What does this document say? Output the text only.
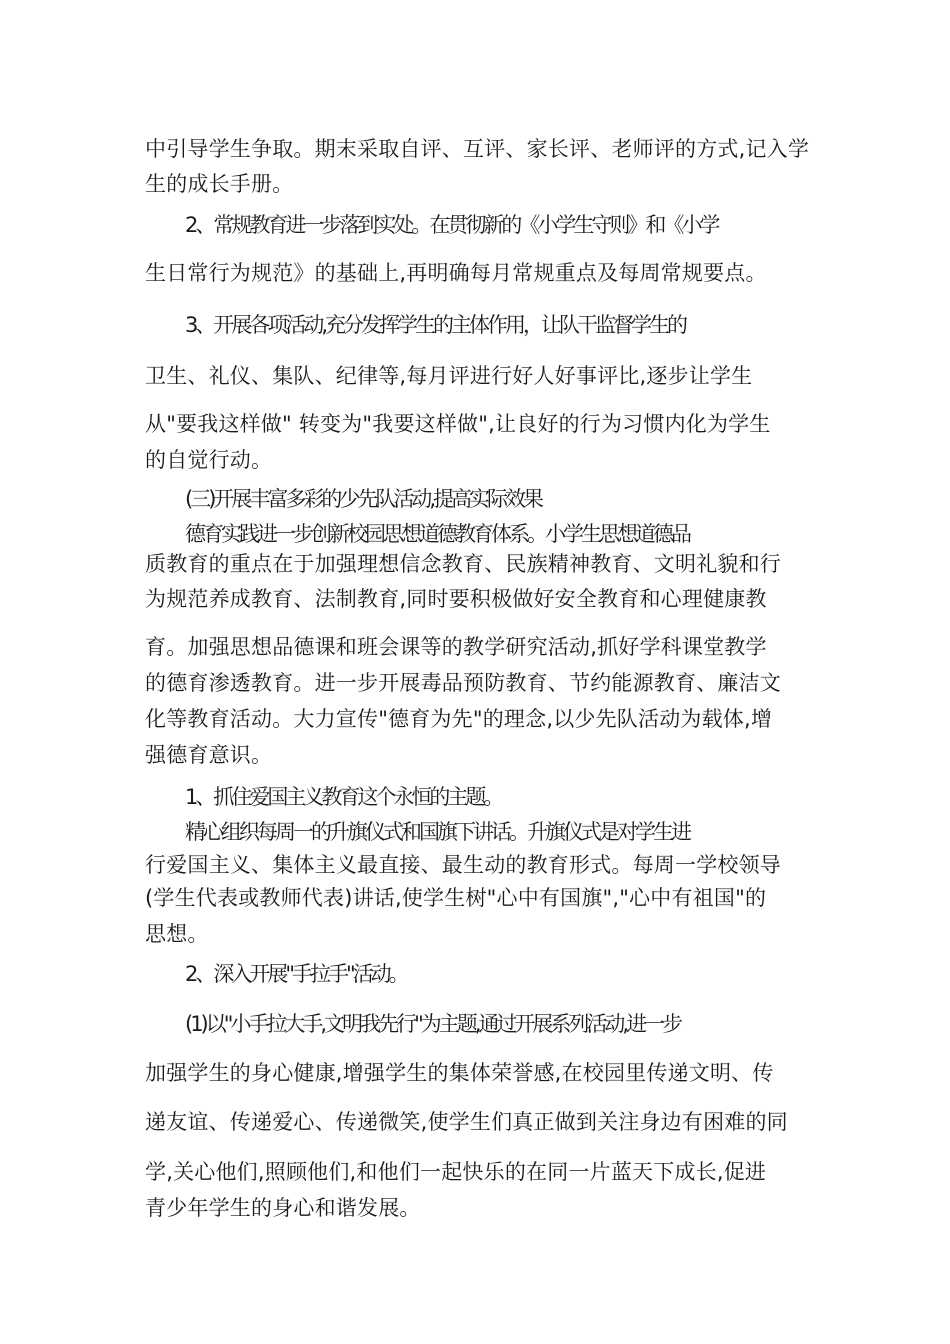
中引导学生争取。期末采取自评、互评、家长评、老师评的方式,记入学
生的成长手册。
2、常规教育进一步落到实处。在贯彻新的《小学生守则》和《小学
生日常行为规范》的基础上,再明确每月常规重点及每周常规要点。
3、开展各项活动,充分发挥学生的主体作用，让队干监督学生的
卫生、礼仪、集队、纪律等,每月评进行好人好事评比,逐步让学生
从"要我这样做" 转变为"我要这样做",让良好的行为习惯内化为学生
的自觉行动。
(三)开展丰富多彩的少先队活动,提高实际效果
德育实践进一步创新校园思想道德教育体系。小学生思想道德品
质教育的重点在于加强理想信念教育、民族精神教育、文明礼貌和行
为规范养成教育、法制教育,同时要积极做好安全教育和心理健康教
育。加强思想品德课和班会课等的教学研究活动,抓好学科课堂教学
的德育渗透教育。进一步开展毒品预防教育、节约能源教育、廉洁文
化等教育活动。大力宣传"德育为先"的理念,以少先队活动为载体,增
强德育意识。
1、抓住爱国主义教育这个永恒的主题。
精心组织每周一的升旗仪式和国旗下讲话。升旗仪式是对学生进
行爱国主义、集体主义最直接、最生动的教育形式。每周一学校领导
(学生代表或教师代表)讲话,使学生树"心中有国旗","心中有祖国"的
思想。
2、深入开展"手拉手"活动。
(1)以"小手拉大手,文明我先行"为主题,通过开展系列活动,进一步
加强学生的身心健康,增强学生的集体荣誉感,在校园里传递文明、传
递友谊、传递爱心、传递微笑,使学生们真正做到关注身边有困难的同
学,关心他们,照顾他们,和他们一起快乐的在同一片蓝天下成长,促进
青少年学生的身心和谐发展。
